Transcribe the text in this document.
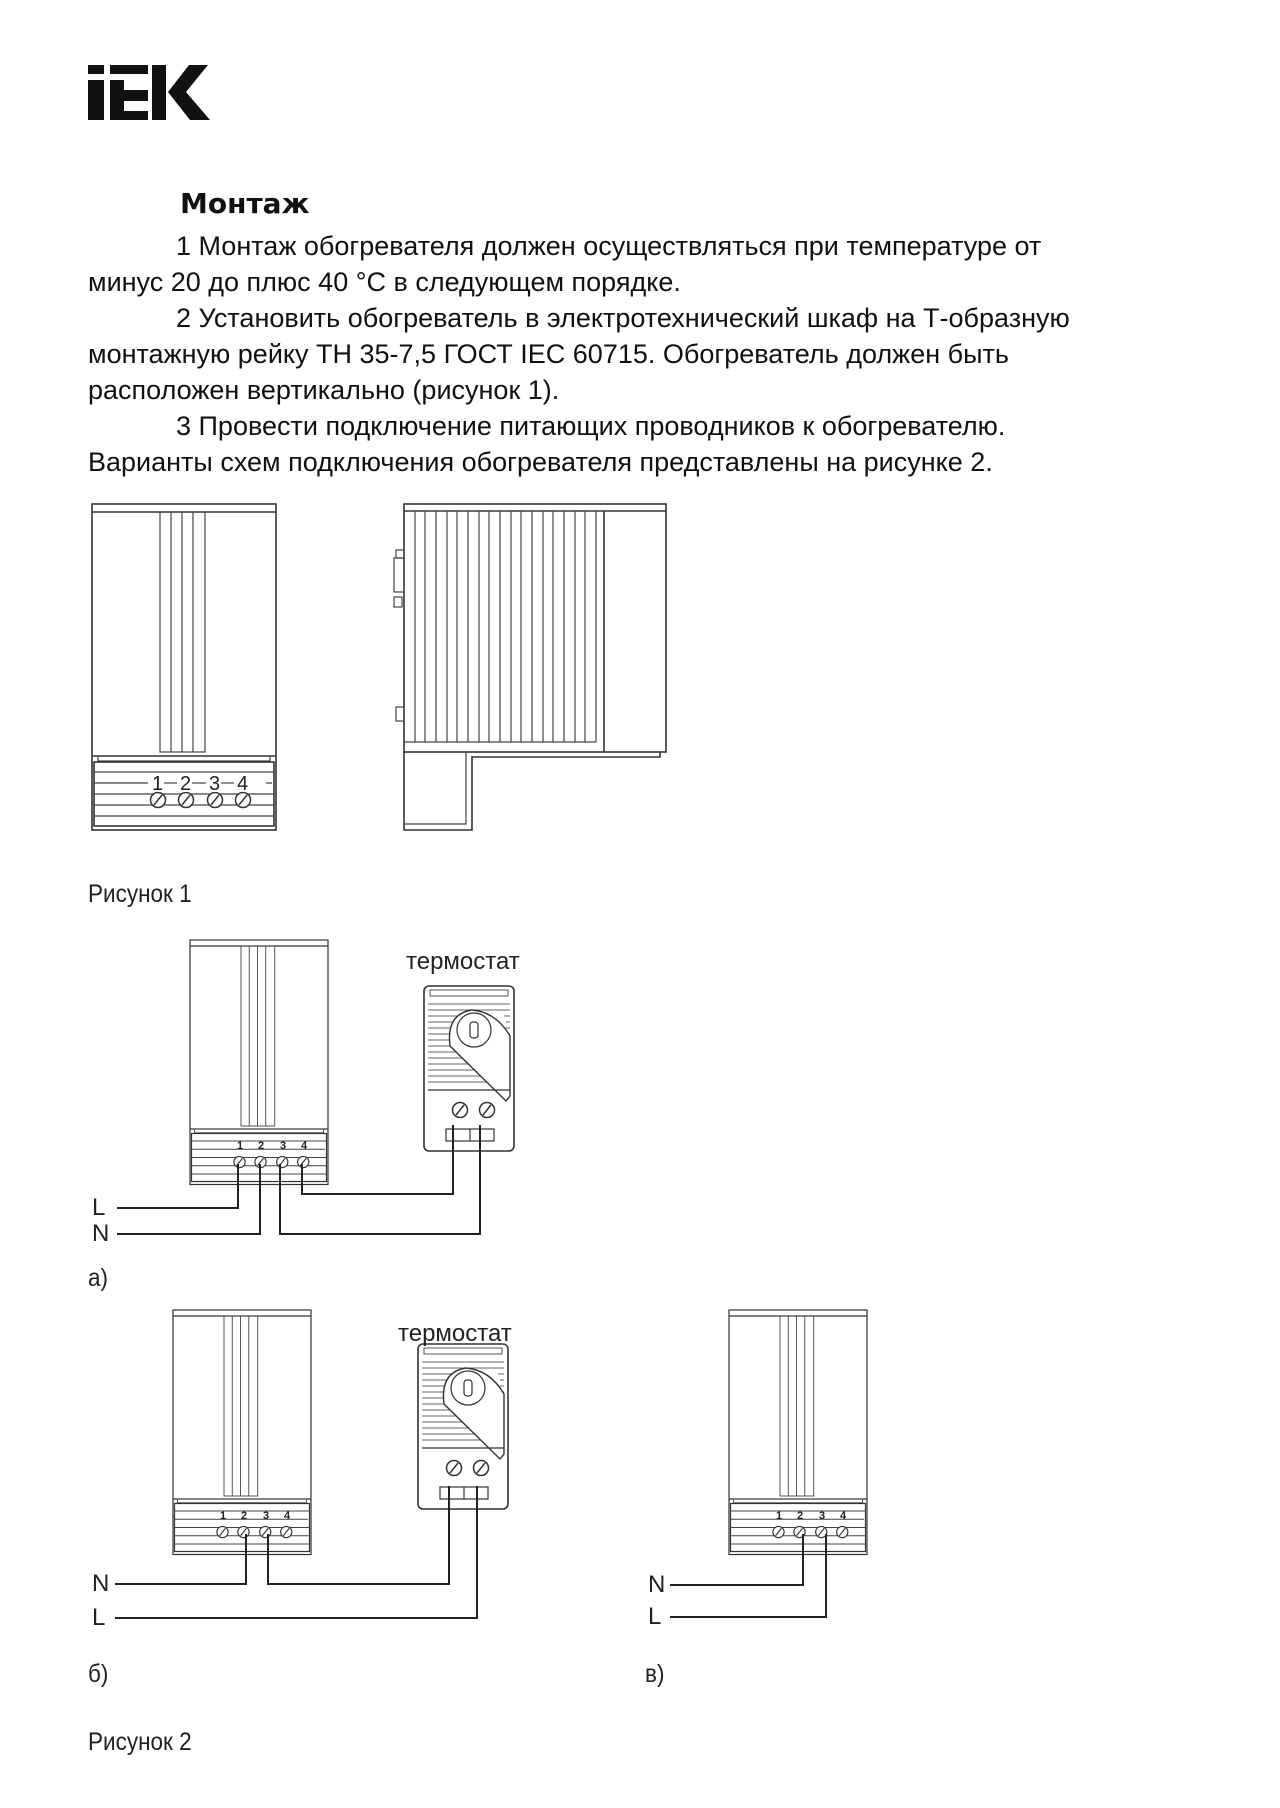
Монтаж
1 Монтаж обогревателя должен осуществляться при температуре от
минус 20 до плюс 40 °C в следующем порядке.
2 Установить обогреватель в электротехнический шкаф на Т-образную
монтажную рейку ТН 35-7,5 ГОСТ IEC 60715. Обогреватель должен быть
расположен вертикально (рисунок 1).
3 Провести подключение питающих проводников к обогревателю.
Варианты схем подключения обогревателя представлены на рисунке 2.
1 2 3 4
1 2 3 4
1 2 3 4	1 2 3 4
Рисунок 1
термостат
L
N
а)
термостат
N
L
б)
N
L
в)
Рисунок 2
